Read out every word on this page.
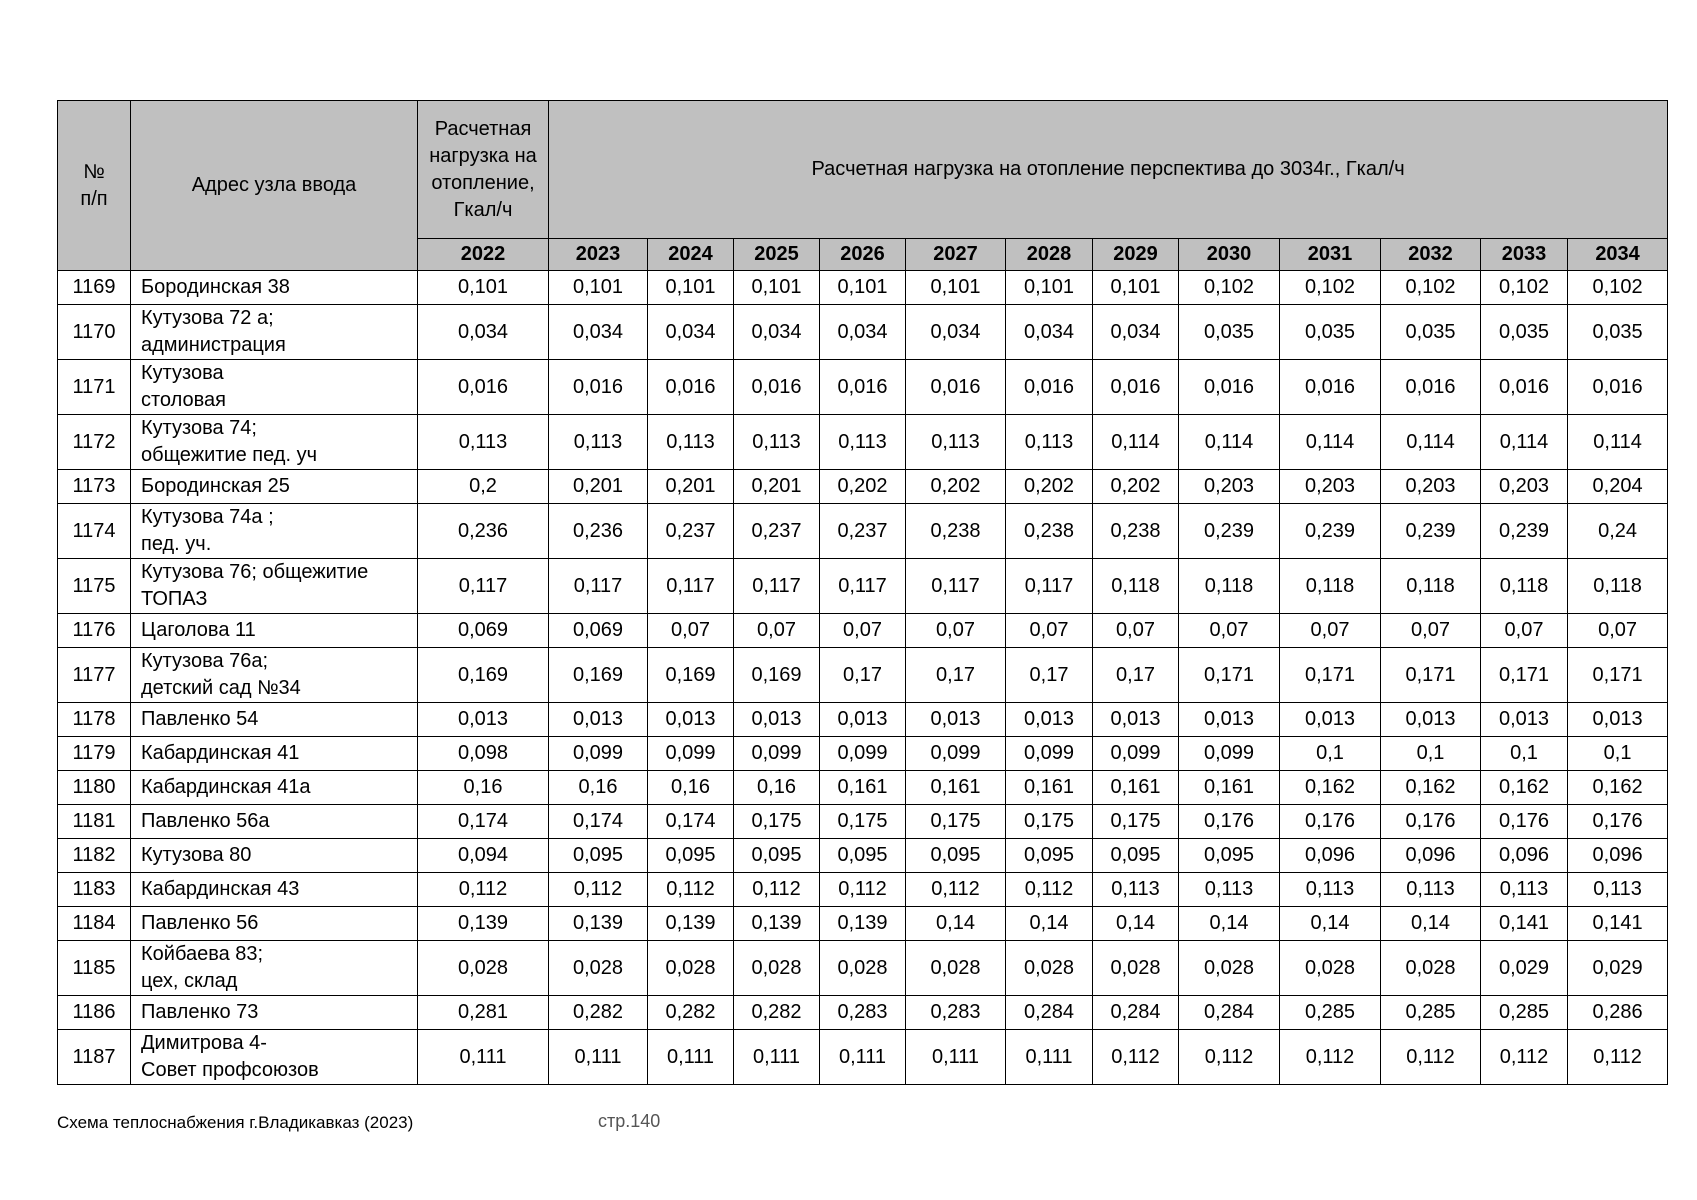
№
п/п	Адрес узла ввода	Расчетная нагрузка на отопление, Гкал/ч	Расчетная нагрузка на отопление перспектива до 3034г., Гкал/ч											
		2022	2023	2024	2025	2026	2027	2028	2029	2030	2031	2032	2033	2034
1169	Бородинская 38	0,101	0,101	0,101	0,101	0,101	0,101	0,101	0,101	0,102	0,102	0,102	0,102	0,102
1170	Кутузова 72 а;
администрация	0,034	0,034	0,034	0,034	0,034	0,034	0,034	0,034	0,035	0,035	0,035	0,035	0,035
1171	Кутузова
столовая	0,016	0,016	0,016	0,016	0,016	0,016	0,016	0,016	0,016	0,016	0,016	0,016	0,016
1172	Кутузова 74;
общежитие пед. уч	0,113	0,113	0,113	0,113	0,113	0,113	0,113	0,114	0,114	0,114	0,114	0,114	0,114
1173	Бородинская 25	0,2	0,201	0,201	0,201	0,202	0,202	0,202	0,202	0,203	0,203	0,203	0,203	0,204
1174	Кутузова 74а ;
пед. уч.	0,236	0,236	0,237	0,237	0,237	0,238	0,238	0,238	0,239	0,239	0,239	0,239	0,24
1175	Кутузова 76; общежитие
ТОПАЗ	0,117	0,117	0,117	0,117	0,117	0,117	0,117	0,118	0,118	0,118	0,118	0,118	0,118
1176	Цаголова 11	0,069	0,069	0,07	0,07	0,07	0,07	0,07	0,07	0,07	0,07	0,07	0,07	0,07
1177	Кутузова 76а;
детский сад №34	0,169	0,169	0,169	0,169	0,17	0,17	0,17	0,17	0,171	0,171	0,171	0,171	0,171
1178	Павленко 54	0,013	0,013	0,013	0,013	0,013	0,013	0,013	0,013	0,013	0,013	0,013	0,013	0,013
1179	Кабардинская 41	0,098	0,099	0,099	0,099	0,099	0,099	0,099	0,099	0,099	0,1	0,1	0,1	0,1
1180	Кабардинская 41а	0,16	0,16	0,16	0,16	0,161	0,161	0,161	0,161	0,161	0,162	0,162	0,162	0,162
1181	Павленко 56а	0,174	0,174	0,174	0,175	0,175	0,175	0,175	0,175	0,176	0,176	0,176	0,176	0,176
1182	Кутузова 80	0,094	0,095	0,095	0,095	0,095	0,095	0,095	0,095	0,095	0,096	0,096	0,096	0,096
1183	Кабардинская 43	0,112	0,112	0,112	0,112	0,112	0,112	0,112	0,113	0,113	0,113	0,113	0,113	0,113
1184	Павленко 56	0,139	0,139	0,139	0,139	0,139	0,14	0,14	0,14	0,14	0,14	0,14	0,141	0,141
1185	Койбаева 83;
цех, склад	0,028	0,028	0,028	0,028	0,028	0,028	0,028	0,028	0,028	0,028	0,028	0,029	0,029
1186	Павленко 73	0,281	0,282	0,282	0,282	0,283	0,283	0,284	0,284	0,284	0,285	0,285	0,285	0,286
1187	Димитрова 4-
Совет профсоюзов	0,111	0,111	0,111	0,111	0,111	0,111	0,111	0,112	0,112	0,112	0,112	0,112	0,112
Схема теплоснабжения г.Владикавказ (2023)	стр.140
